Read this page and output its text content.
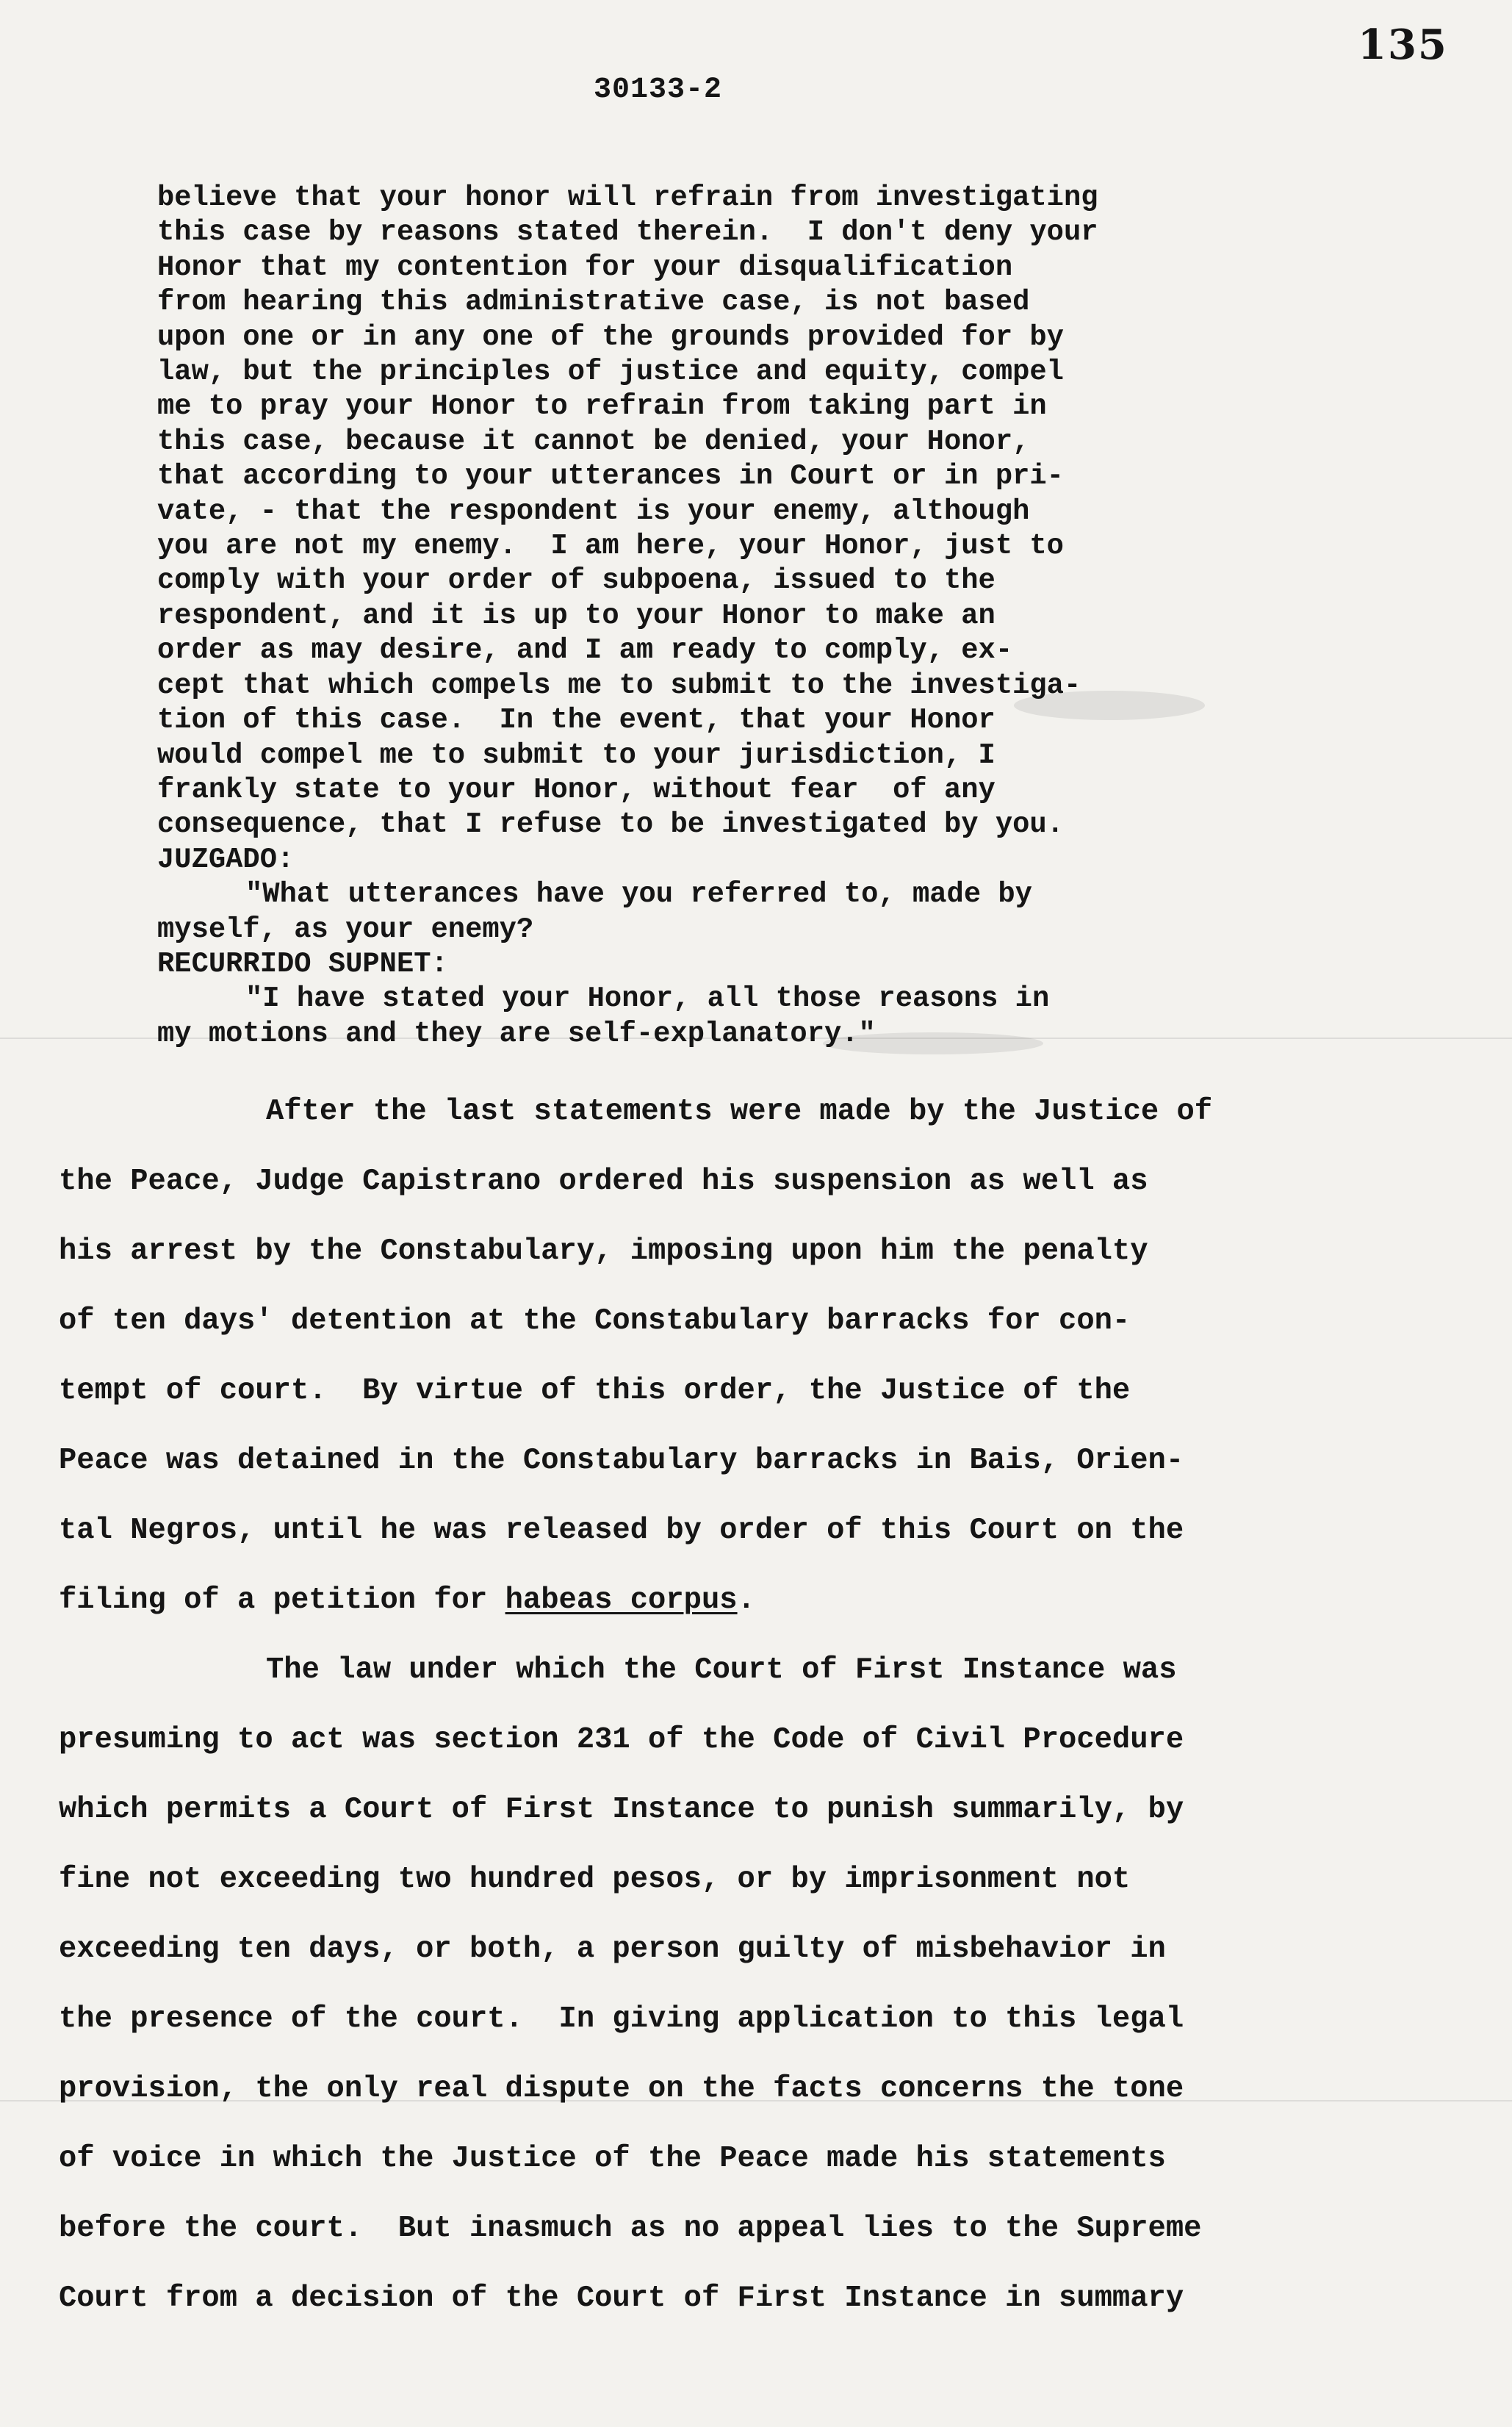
135
30133-2
believe that your honor will refrain from investigating
this case by reasons stated therein.  I don't deny your
Honor that my contention for your disqualification
from hearing this administrative case, is not based
upon one or in any one of the grounds provided for by
law, but the principles of justice and equity, compel
me to pray your Honor to refrain from taking part in
this case, because it cannot be denied, your Honor,
that according to your utterances in Court or in pri-
vate, - that the respondent is your enemy, although
you are not my enemy.  I am here, your Honor, just to
comply with your order of subpoena, issued to the
respondent, and it is up to your Honor to make an
order as may desire, and I am ready to comply, ex-
cept that which compels me to submit to the investiga-
tion of this case.  In the event, that your Honor
would compel me to submit to your jurisdiction, I
frankly state to your Honor, without fear  of any
consequence, that I refuse to be investigated by you.
JUZGADO:
"What utterances have you referred to, made by
myself, as your enemy?
RECURRIDO SUPNET:
"I have stated your Honor, all those reasons in
my motions and they are self-explanatory."
After the last statements were made by the Justice of
the Peace, Judge Capistrano ordered his suspension as well as
his arrest by the Constabulary, imposing upon him the penalty
of ten days' detention at the Constabulary barracks for con-
tempt of court.  By virtue of this order, the Justice of the
Peace was detained in the Constabulary barracks in Bais, Orien-
tal Negros, until he was released by order of this Court on the
filing of a petition for habeas corpus.
The law under which the Court of First Instance was
presuming to act was section 231 of the Code of Civil Procedure
which permits a Court of First Instance to punish summarily, by
fine not exceeding two hundred pesos, or by imprisonment not
exceeding ten days, or both, a person guilty of misbehavior in
the presence of the court.  In giving application to this legal
provision, the only real dispute on the facts concerns the tone
of voice in which the Justice of the Peace made his statements
before the court.  But inasmuch as no appeal lies to the Supreme
Court from a decision of the Court of First Instance in summary
